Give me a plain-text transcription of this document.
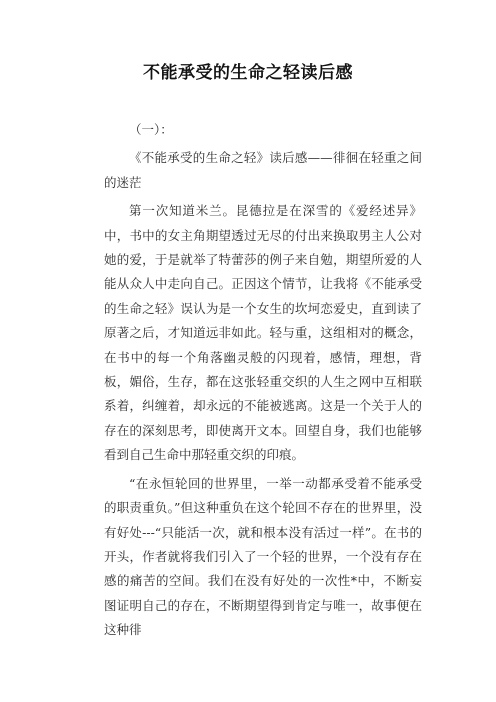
不能承受的生命之轻读后感

（一）：

《不能承受的生命之轻》读后感——徘徊在轻重之间的迷茫

第一次知道米兰。昆德拉是在深雪的《爱经述异》中，书中的女主角期望透过无尽的付出来换取男主人公对她的爱，于是就举了特蕾莎的例子来自勉，期望所爱的人能从众人中走向自己。正因这个情节，让我将《不能承受的生命之轻》误认为是一个女生的坎坷恋爱史，直到读了原著之后，才知道远非如此。轻与重，这组相对的概念，在书中的每一个角落幽灵般的闪现着，感情，理想，背板，媚俗，生存，都在这张轻重交织的人生之网中互相联系着，纠缠着，却永远的不能被逃离。这是一个关于人的存在的深刻思考，即使离开文本。回望自身，我们也能够看到自己生命中那轻重交织的印痕。

“在永恒轮回的世界里，一举一动都承受着不能承受的职责重负。”但这种重负在这个轮回不存在的世界里，没有好处---“只能活一次，就和根本没有活过一样”。在书的开头，作者就将我们引入了一个轻的世界，一个没有存在感的痛苦的空间。我们在没有好处的一次性*中，不断妄图证明自己的存在，不断期望得到肯定与唯一，故事便在这种徘
